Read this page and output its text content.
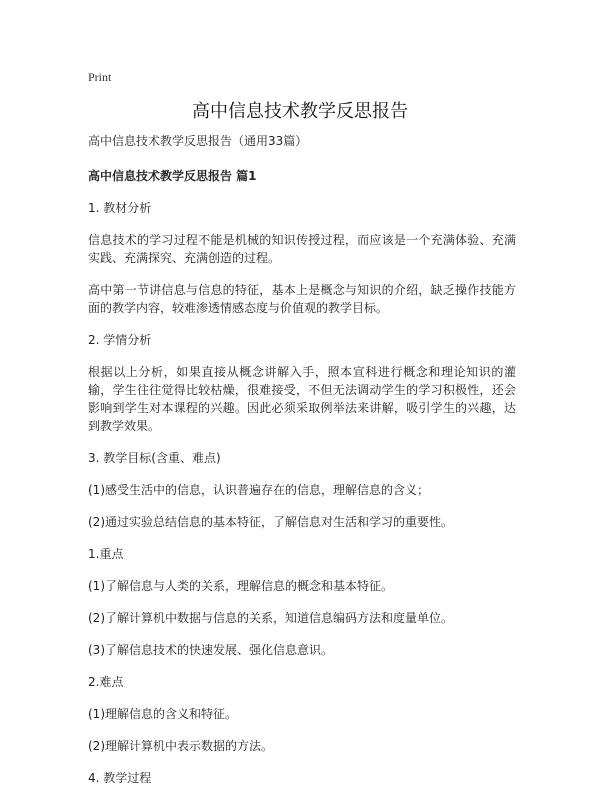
Print
高中信息技术教学反思报告

高中信息技术教学反思报告（通用33篇）

高中信息技术教学反思报告 篇1

1. 教材分析

信息技术的学习过程不能是机械的知识传授过程，而应该是一个充满体验、充满实践、充满探究、充满创造的过程。

高中第一节讲信息与信息的特征，基本上是概念与知识的介绍，缺乏操作技能方面的教学内容，较难渗透情感态度与价值观的教学目标。

2. 学情分析

根据以上分析，如果直接从概念讲解入手，照本宣科进行概念和理论知识的灌输，学生往往觉得比较枯燥，很难接受，不但无法调动学生的学习积极性，还会影响到学生对本课程的兴趣。因此必须采取例举法来讲解，吸引学生的兴趣，达到教学效果。

3. 教学目标(含重、难点)

(1)感受生活中的信息，认识普遍存在的信息，理解信息的含义；

(2)通过实验总结信息的基本特征，了解信息对生活和学习的重要性。

1.重点

(1)了解信息与人类的关系，理解信息的概念和基本特征。

(2)了解计算机中数据与信息的关系，知道信息编码方法和度量单位。

(3)了解信息技术的快速发展、强化信息意识。

2.难点

(1)理解信息的含义和特征。

(2)理解计算机中表示数据的方法。

4. 教学过程
